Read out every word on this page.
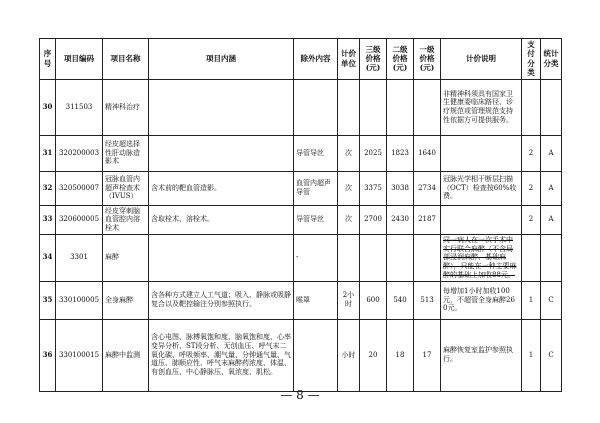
序号	项目编码	项目名称	项目内涵	除外内容	计价单位	三级价格(元)	二级价格(元)	一级价格(元)	计价说明	支付分类	统计分类
30	311503	精神科治疗							非精神科须具有国家卫生健康委临床路径、诊疗规范或管理规范支持性依据方可提供服务。		
31	320200003	经皮超选择性肝动脉造影术		导管导丝	次	2025	1823	1640		2	A
32	320500007	冠脉血管内超声检查术（IVUS）	含术前的靶血管造影。	血管内超声导管	次	3375	3038	2734	冠脉光学相干断层扫描（OCT）检查按60%收费。	2	A
33	320600005	经皮穿刺脑血管腔内溶栓术	含取栓术、溶栓术。	导管导丝	次	2700	2430	2187		2	A
34	3301	麻醉		-					同一病人在一次手术中实行联合麻醉（不含局部浸润麻醉、基础麻醉），只能在一种主要麻醉的基础上加收88元。		
35	330100005	全身麻醉	含各种方式建立人工气道；吸入、静脉或吸静复合以及靶控输注分别参照执行。	喉罩	2小时	600	540	513	每增加1小时加收100元，不超管全身麻醉260元。	1	C
36	330100015	麻醉中监测	含心电图、脉搏氧饱和度、脑氧饱和度、心率变异分析、ST段分析、无创血压、呼气末二氧化碳、呼吸频率、潮气量、分钟通气量、气道压、肺顺应性、呼气末麻醉药浓度、体温、有创血压、中心静脉压、氧浓度、肌松。		小时	20	18	17	麻醉恢复室监护参照执行。	1	C
— 8 —
